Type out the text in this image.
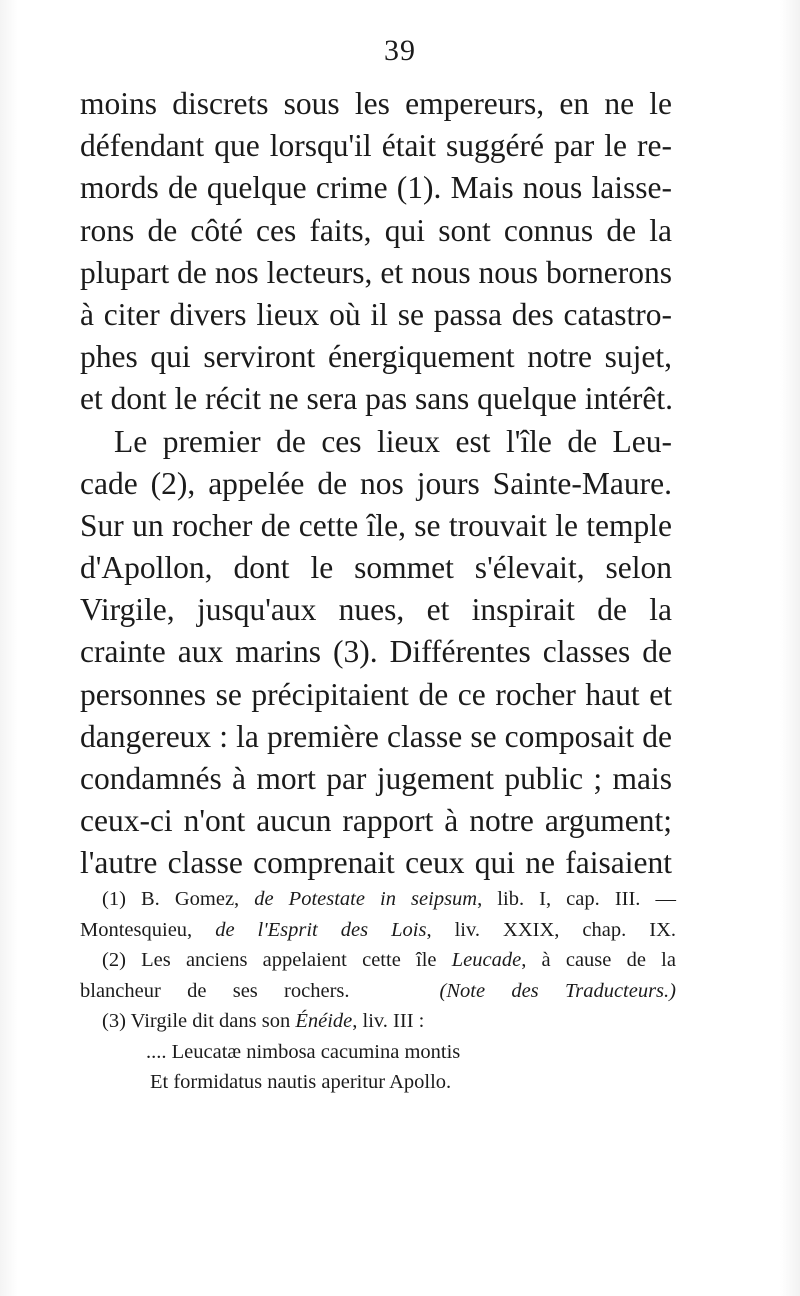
39
moins discrets sous les empereurs, en ne le
défendant que lorsqu'il était suggéré par le re-
mords de quelque crime (1). Mais nous laisse-
rons de côté ces faits, qui sont connus de la
plupart de nos lecteurs, et nous nous bornerons
à citer divers lieux où il se passa des catastro-
phes qui serviront énergiquement notre sujet,
et dont le récit ne sera pas sans quelque intérêt.
Le premier de ces lieux est l'île de Leu-
cade (2), appelée de nos jours Sainte-Maure.
Sur un rocher de cette île, se trouvait le temple
d'Apollon, dont le sommet s'élevait, selon
Virgile, jusqu'aux nues, et inspirait de la
crainte aux marins (3). Différentes classes de
personnes se précipitaient de ce rocher haut et
dangereux : la première classe se composait de
condamnés à mort par jugement public ; mais
ceux-ci n'ont aucun rapport à notre argument;
l'autre classe comprenait ceux qui ne faisaient
(1) B. Gomez, de Potestate in seipsum, lib. I, cap. III. —
Montesquieu, de l'Esprit des Lois, liv. XXIX, chap. IX.
(2) Les anciens appelaient cette île Leucade, à cause de la
blancheur de ses rochers.	(Note des Traducteurs.)
(3) Virgile dit dans son Énéide, liv. III :
.... Leucatæ nimbosa cacumina montis
Et formidatus nautis aperitur Apollo.
